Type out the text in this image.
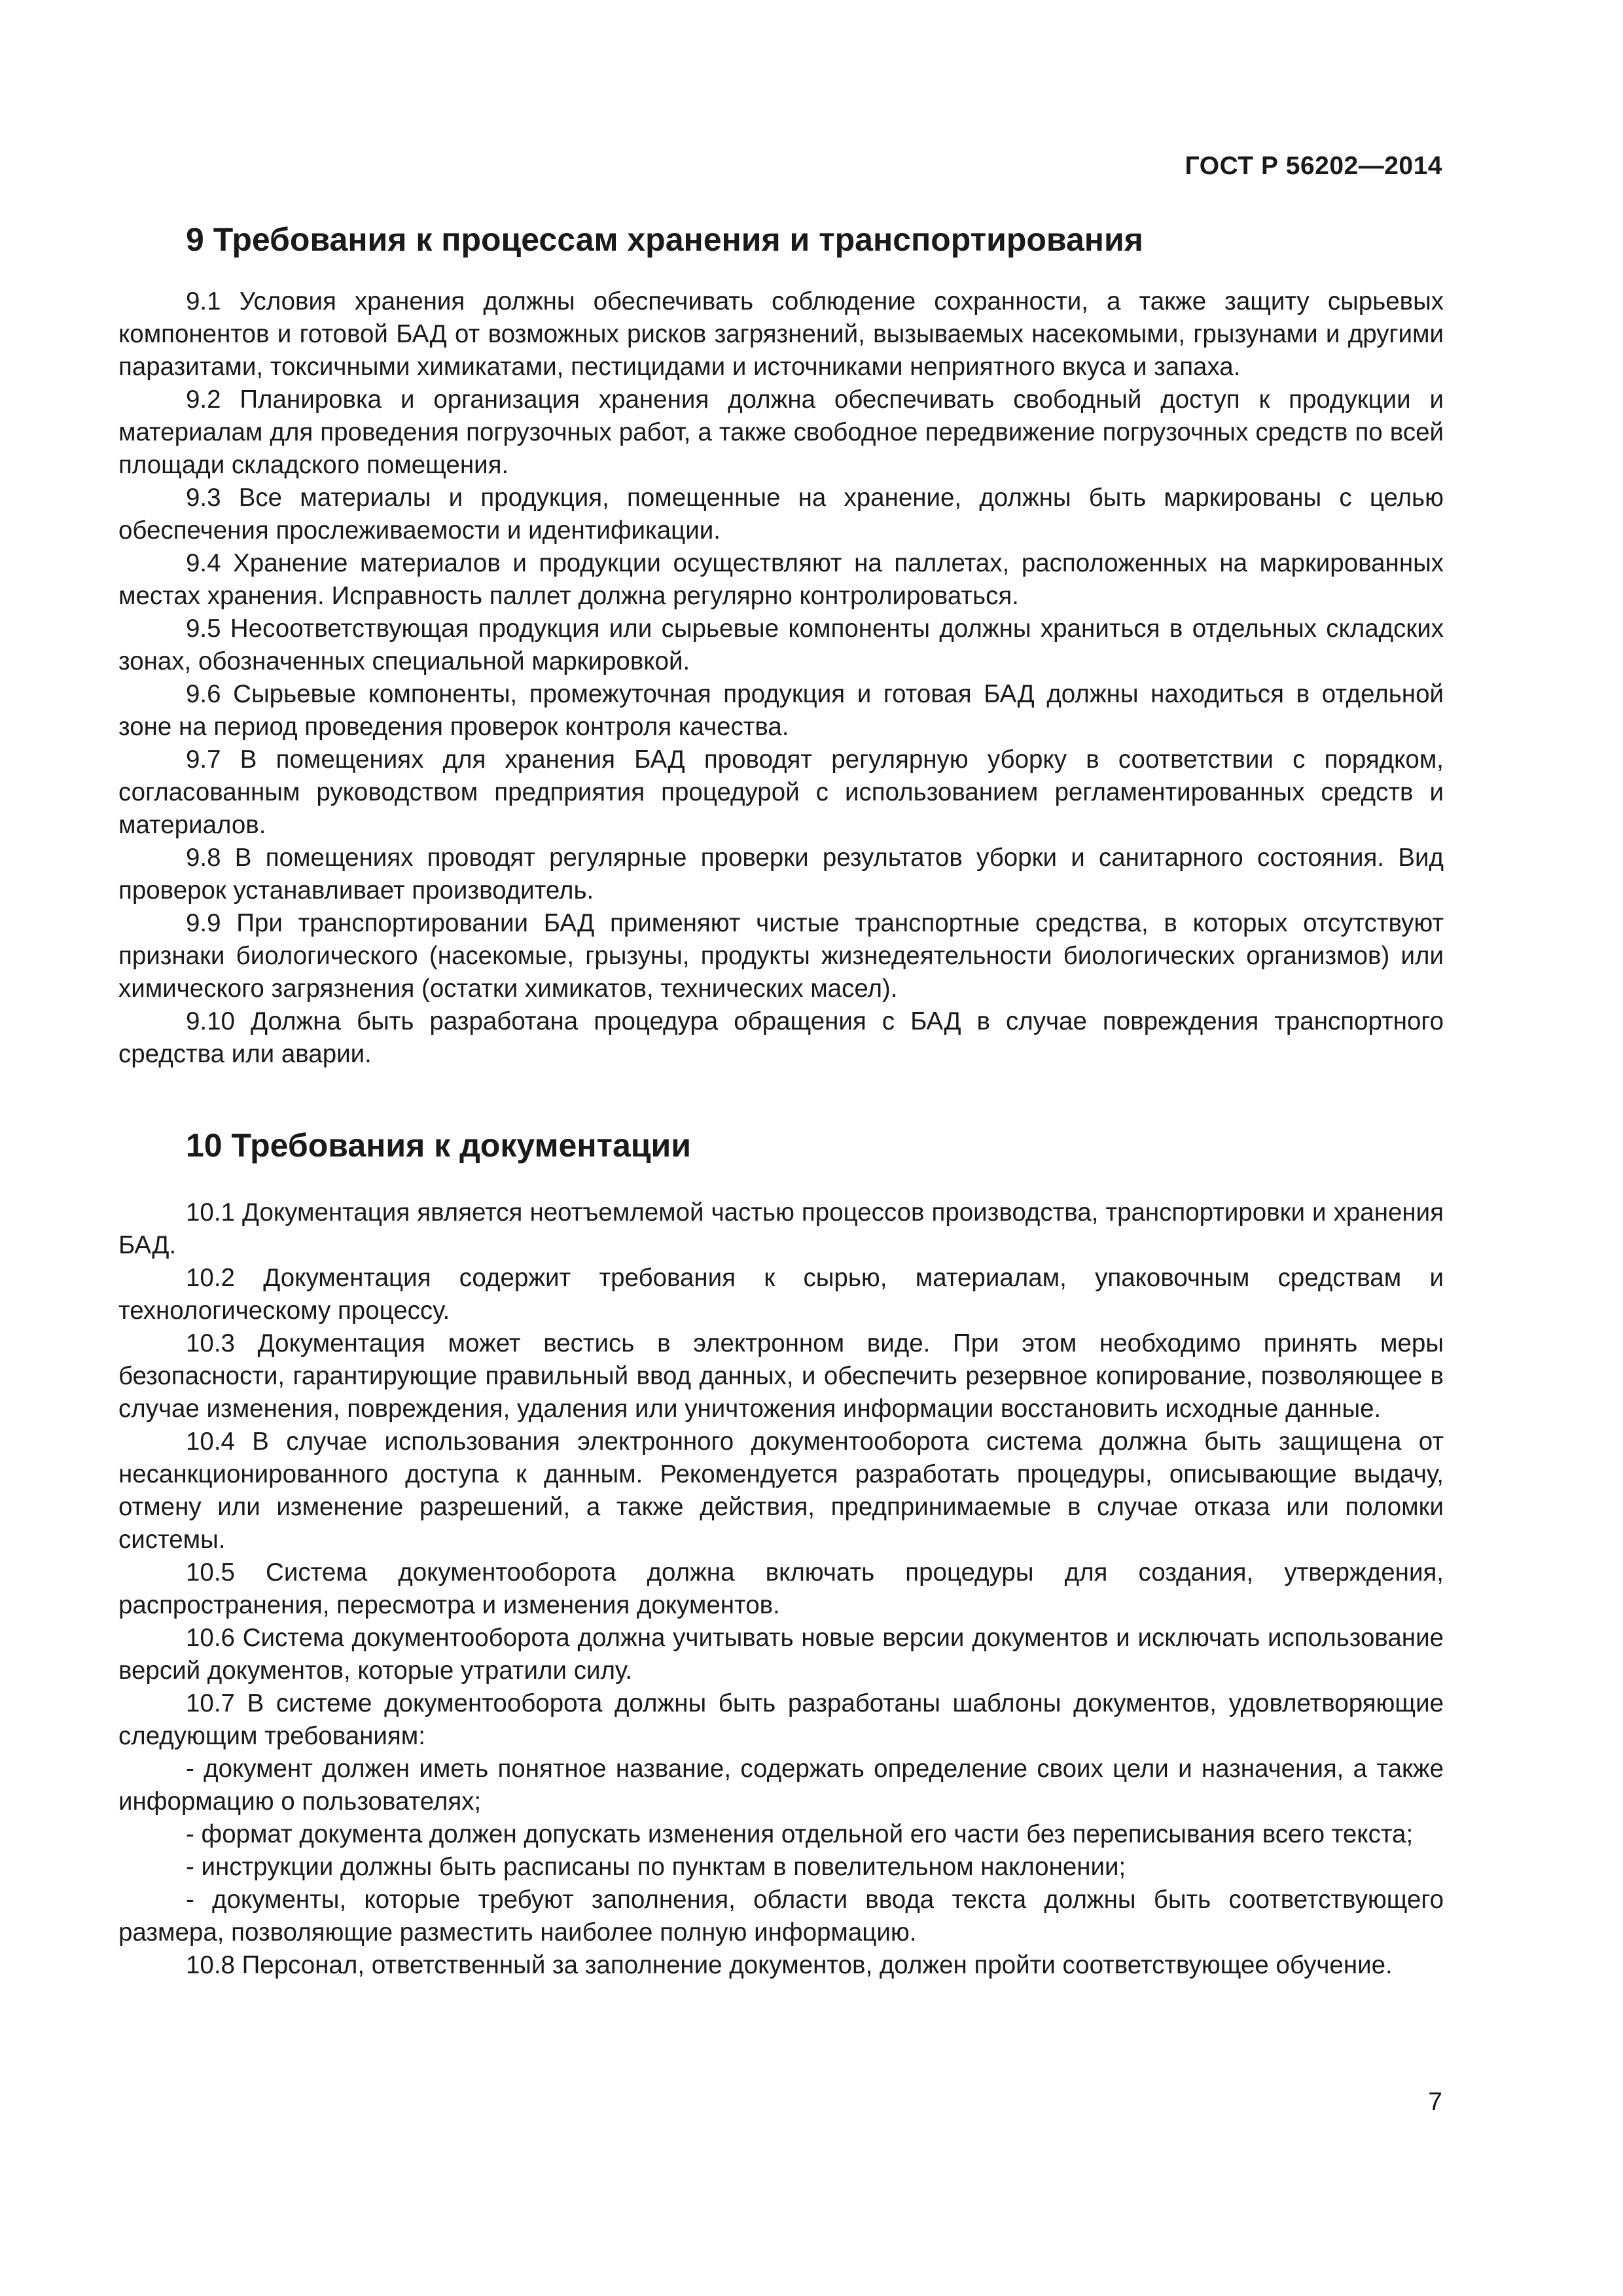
ГОСТ Р 56202—2014
9 Требования к процессам хранения и транспортирования

9.1 Условия хранения должны обеспечивать соблюдение сохранности, а также защиту сырьевых компонентов и готовой БАД от возможных рисков загрязнений, вызываемых насекомыми, грызунами и другими паразитами, токсичными химикатами, пестицидами и источниками неприятного вкуса и запаха.

9.2 Планировка и организация хранения должна обеспечивать свободный доступ к продукции и материалам для проведения погрузочных работ, а также свободное передвижение погрузочных средств по всей площади складского помещения.

9.3 Все материалы и продукция, помещенные на хранение, должны быть маркированы с целью обеспечения прослеживаемости и идентификации.

9.4 Хранение материалов и продукции осуществляют на паллетах, расположенных на маркированных местах хранения. Исправность паллет должна регулярно контролироваться.

9.5 Несоответствующая продукция или сырьевые компоненты должны храниться в отдельных складских зонах, обозначенных специальной маркировкой.

9.6 Сырьевые компоненты, промежуточная продукция и готовая БАД должны находиться в отдельной зоне на период проведения проверок контроля качества.

9.7 В помещениях для хранения БАД проводят регулярную уборку в соответствии с порядком, согласованным руководством предприятия процедурой с использованием регламентированных средств и материалов.

9.8 В помещениях проводят регулярные проверки результатов уборки и санитарного состояния. Вид проверок устанавливает производитель.

9.9 При транспортировании БАД применяют чистые транспортные средства, в которых отсутствуют признаки биологического (насекомые, грызуны, продукты жизнедеятельности биологических организмов) или химического загрязнения (остатки химикатов, технических масел).

9.10 Должна быть разработана процедура обращения с БАД в случае повреждения транспортного средства или аварии.

10 Требования к документации

10.1 Документация является неотъемлемой частью процессов производства, транспортировки и хранения БАД.

10.2 Документация содержит требования к сырью, материалам, упаковочным средствам и технологическому процессу.

10.3 Документация может вестись в электронном виде. При этом необходимо принять меры безопасности, гарантирующие правильный ввод данных, и обеспечить резервное копирование, позволяющее в случае изменения, повреждения, удаления или уничтожения информации восстановить исходные данные.

10.4 В случае использования электронного документооборота система должна быть защищена от несанкционированного доступа к данным. Рекомендуется разработать процедуры, описывающие выдачу, отмену или изменение разрешений, а также действия, предпринимаемые в случае отказа или поломки системы.

10.5 Система документооборота должна включать процедуры для создания, утверждения, распространения, пересмотра и изменения документов.

10.6 Система документооборота должна учитывать новые версии документов и исключать использование версий документов, которые утратили силу.

10.7 В системе документооборота должны быть разработаны шаблоны документов, удовлетворяющие следующим требованиям:

- документ должен иметь понятное название, содержать определение своих цели и назначения, а также информацию о пользователях;

- формат документа должен допускать изменения отдельной его части без переписывания всего текста;

- инструкции должны быть расписаны по пунктам в повелительном наклонении;

- документы, которые требуют заполнения, области ввода текста должны быть соответствующего размера, позволяющие разместить наиболее полную информацию.

10.8 Персонал, ответственный за заполнение документов, должен пройти соответствующее обучение.

7
